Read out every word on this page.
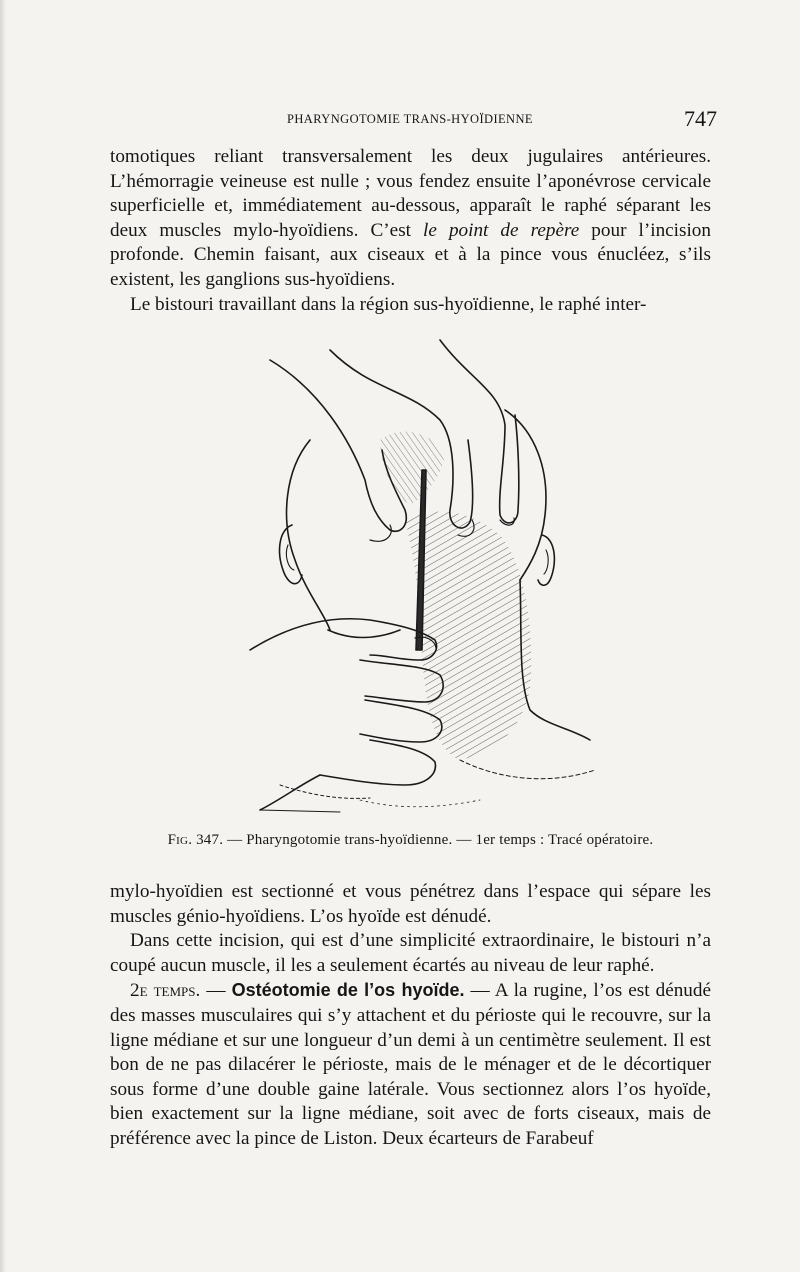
PHARYNGOTOMIE TRANS-HYOÏDIENNE	747

tomotiques reliant transversalement les deux jugulaires antérieures. L’hémorragie veineuse est nulle ; vous fendez ensuite l’aponévrose cervicale superficielle et, immédiatement au-dessous, apparaît le raphé séparant les deux muscles mylo-hyoïdiens. C’est le point de repère pour l’incision profonde. Chemin faisant, aux ciseaux et à la pince vous énucléez, s’ils existent, les ganglions sus-hyoïdiens.

Le bistouri travaillant dans la région sus-hyoïdienne, le raphé inter-

Fig. 347. — Pharyngotomie trans-hyoïdienne. — 1er temps : Tracé opératoire.

mylo-hyoïdien est sectionné et vous pénétrez dans l’espace qui sépare les muscles génio-hyoïdiens. L’os hyoïde est dénudé.

Dans cette incision, qui est d’une simplicité extraordinaire, le bistouri n’a coupé aucun muscle, il les a seulement écartés au niveau de leur raphé.

2e temps. — Ostéotomie de l’os hyoïde. — A la rugine, l’os est dénudé des masses musculaires qui s’y attachent et du périoste qui le recouvre, sur la ligne médiane et sur une longueur d’un demi à un centimètre seulement. Il est bon de ne pas dilacérer le périoste, mais de le ménager et de le décortiquer sous forme d’une double gaine latérale. Vous sectionnez alors l’os hyoïde, bien exactement sur la ligne médiane, soit avec de forts ciseaux, mais de préférence avec la pince de Liston. Deux écarteurs de Farabeuf
